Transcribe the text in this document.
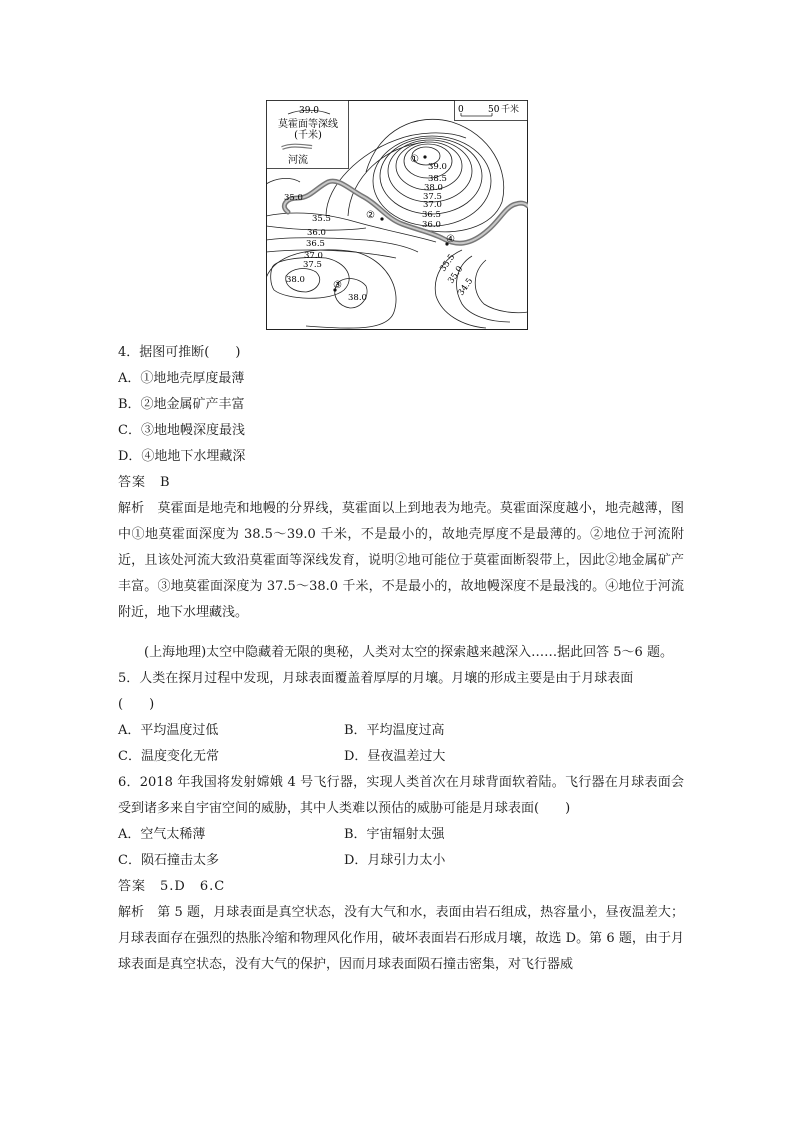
39.0
莫霍面等深线
(千米)
河流
0	50 千米
①
②
③
④
39.0
38.5
38.0
37.5
37.0
36.5
36.0
35.5
35.0
36.0
36.5
37.0
37.5
38.0
38.0
35.5
35.0
34.5
4．据图可推断(　　)
A．①地地壳厚度最薄
B．②地金属矿产丰富
C．③地地幔深度最浅
D．④地地下水埋藏深
答案　B
解析　莫霍面是地壳和地幔的分界线，莫霍面以上到地表为地壳。莫霍面深度越小，地壳越薄，图中①地莫霍面深度为 38.5～39.0 千米，不是最小的，故地壳厚度不是最薄的。②地位于河流附近，且该处河流大致沿莫霍面等深线发育，说明②地可能位于莫霍面断裂带上，因此②地金属矿产丰富。③地莫霍面深度为 37.5～38.0 千米，不是最小的，故地幔深度不是最浅的。④地位于河流附近，地下水埋藏浅。
(上海地理)太空中隐藏着无限的奥秘，人类对太空的探索越来越深入……据此回答 5～6 题。
5．人类在探月过程中发现，月球表面覆盖着厚厚的月壤。月壤的形成主要是由于月球表面
(　　)
A．平均温度过低	B．平均温度过高
C．温度变化无常	D．昼夜温差过大
6．2018 年我国将发射嫦娥 4 号飞行器，实现人类首次在月球背面软着陆。飞行器在月球表面会受到诸多来自宇宙空间的威胁，其中人类难以预估的威胁可能是月球表面(　　)
A．空气太稀薄	B．宇宙辐射太强
C．陨石撞击太多	D．月球引力太小
答案　5.D　6.C
解析　第 5 题，月球表面是真空状态，没有大气和水，表面由岩石组成，热容量小，昼夜温差大；月球表面存在强烈的热胀冷缩和物理风化作用，破坏表面岩石形成月壤，故选 D。第 6 题，由于月球表面是真空状态，没有大气的保护，因而月球表面陨石撞击密集，对飞行器威
